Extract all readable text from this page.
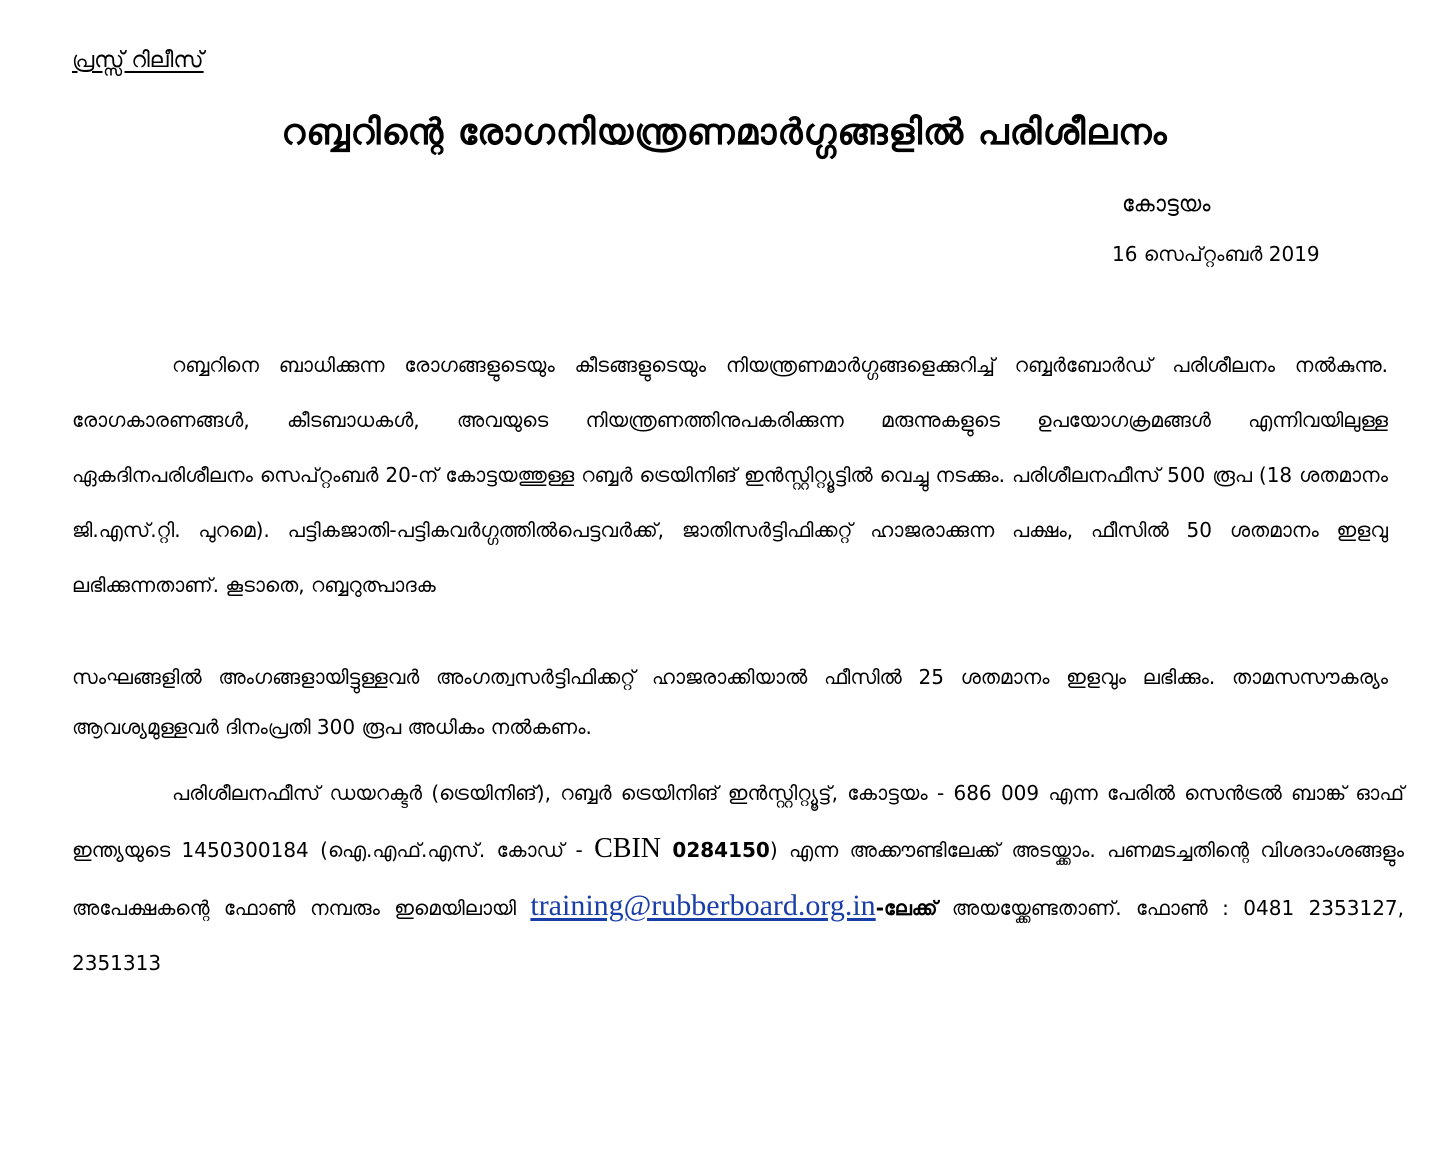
പ്രസ്സ് റിലീസ്
റബ്ബറിന്റെ രോഗനിയന്ത്രണമാർഗ്ഗങ്ങളിൽ പരിശീലനം
കോട്ടയം
16 സെപ്റ്റംബർ 2019
റബ്ബറിനെ ബാധിക്കുന്ന രോഗങ്ങളുടെയും കീടങ്ങളുടെയും നിയന്ത്രണമാർഗ്ഗങ്ങളെക്കുറിച്ച് റബ്ബർബോർഡ് പരിശീലനം നൽകുന്നു. രോഗകാരണങ്ങൾ, കീടബാധകൾ, അവയുടെ നിയന്ത്രണത്തിനുപകരിക്കുന്ന മരുന്നുകളുടെ ഉപയോഗക്രമങ്ങൾ എന്നിവയിലുള്ള ഏകദിനപരിശീലനം സെപ്റ്റംബർ 20-ന് കോട്ടയത്തുള്ള റബ്ബർ ട്രെയിനിങ് ഇൻസ്റ്റിറ്റ്യൂട്ടിൽ വെച്ചു നടക്കും. പരിശീലനഫീസ് 500 രൂപ (18 ശതമാനം ജി.എസ്.റ്റി. പുറമെ). പട്ടികജാതി-പട്ടികവർഗ്ഗത്തിൽപെട്ടവർക്ക്, ജാതിസർട്ടിഫിക്കറ്റ് ഹാജരാക്കുന്ന പക്ഷം, ഫീസിൽ 50 ശതമാനം ഇളവു ലഭിക്കുന്നതാണ്. കൂടാതെ, റബ്ബറുത്പാദക
സംഘങ്ങളിൽ അംഗങ്ങളായിട്ടുള്ളവർ അംഗത്വസർട്ടിഫിക്കറ്റ് ഹാജരാക്കിയാൽ ഫീസിൽ 25 ശതമാനം ഇളവും ലഭിക്കും. താമസസൗകര്യം ആവശ്യമുള്ളവർ ദിനംപ്രതി 300 രൂപ അധികം നൽകണം.
പരിശീലനഫീസ് ഡയറക്ടർ (ട്രെയിനിങ്), റബ്ബർ ട്രെയിനിങ് ഇൻസ്റ്റിറ്റ്യൂട്ട്, കോട്ടയം - 686 009 എന്ന പേരിൽ സെൻട്രൽ ബാങ്ക് ഓഫ് ഇന്ത്യയുടെ 1450300184 (ഐ.എഫ്.എസ്. കോഡ് - CBIN 0284150) എന്ന അക്കൗണ്ടിലേക്ക് അടയ്ക്കാം. പണമടച്ചതിന്റെ വിശദാംശങ്ങളും അപേക്ഷകന്റെ ഫോൺ നമ്പരും ഇമെയിലായി training@rubberboard.org.in-ലേക്ക് അയയ്ക്കേണ്ടതാണ്. ഫോൺ : 0481 2353127, 2351313
